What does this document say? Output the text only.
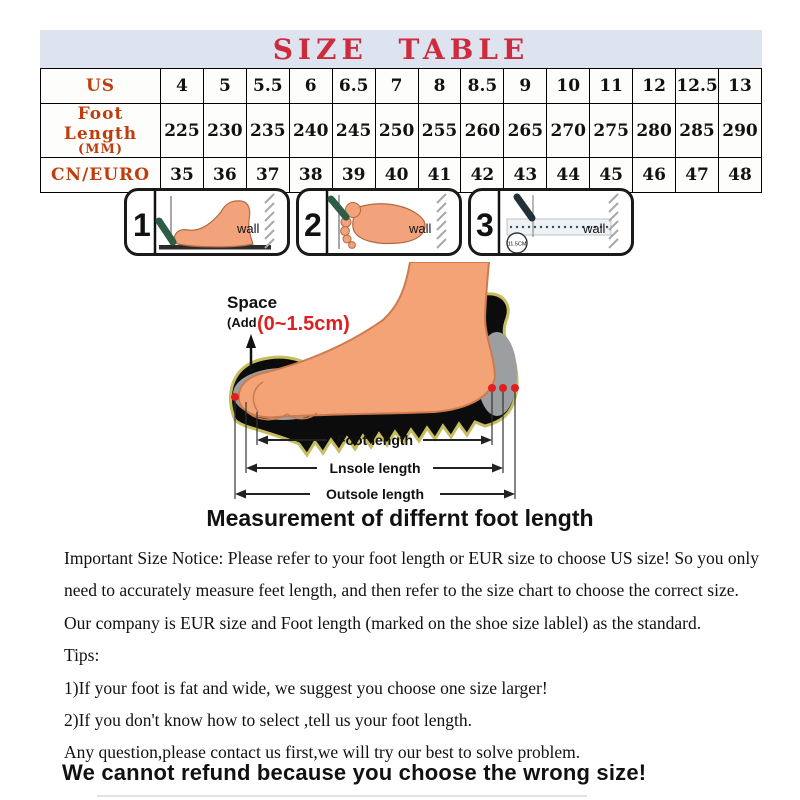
SIZE TABLE
US	4	5	5.5	6	6.5	7	8	8.5	9	10	11	12	12.5	13
Foot Length
(MM)	225	230	235	240	245	250	255	260	265	270	275	280	285	290
CN/EURO	35	36	37	38	39	40	41	42	43	44	45	46	47	48
1	wall 2	wall 3
11.5CM
wall
Space
(Add (0~1.5cm)
Foot length
Lnsole length
Outsole length
Measurement of differnt foot length

Important Size Notice: Please refer to your foot length or EUR size to choose US size! So you only

need to accurately measure feet length, and then refer to the size chart to choose the correct size.

Our company is EUR size and Foot length (marked on the shoe size lablel) as the standard.

Tips:

1)If your foot is fat and wide, we suggest you choose one size larger!

2)If you don't know how to select ,tell us your foot length.

Any question,please contact us first,we will try our best to solve problem.

We cannot refund because you choose the wrong size!
